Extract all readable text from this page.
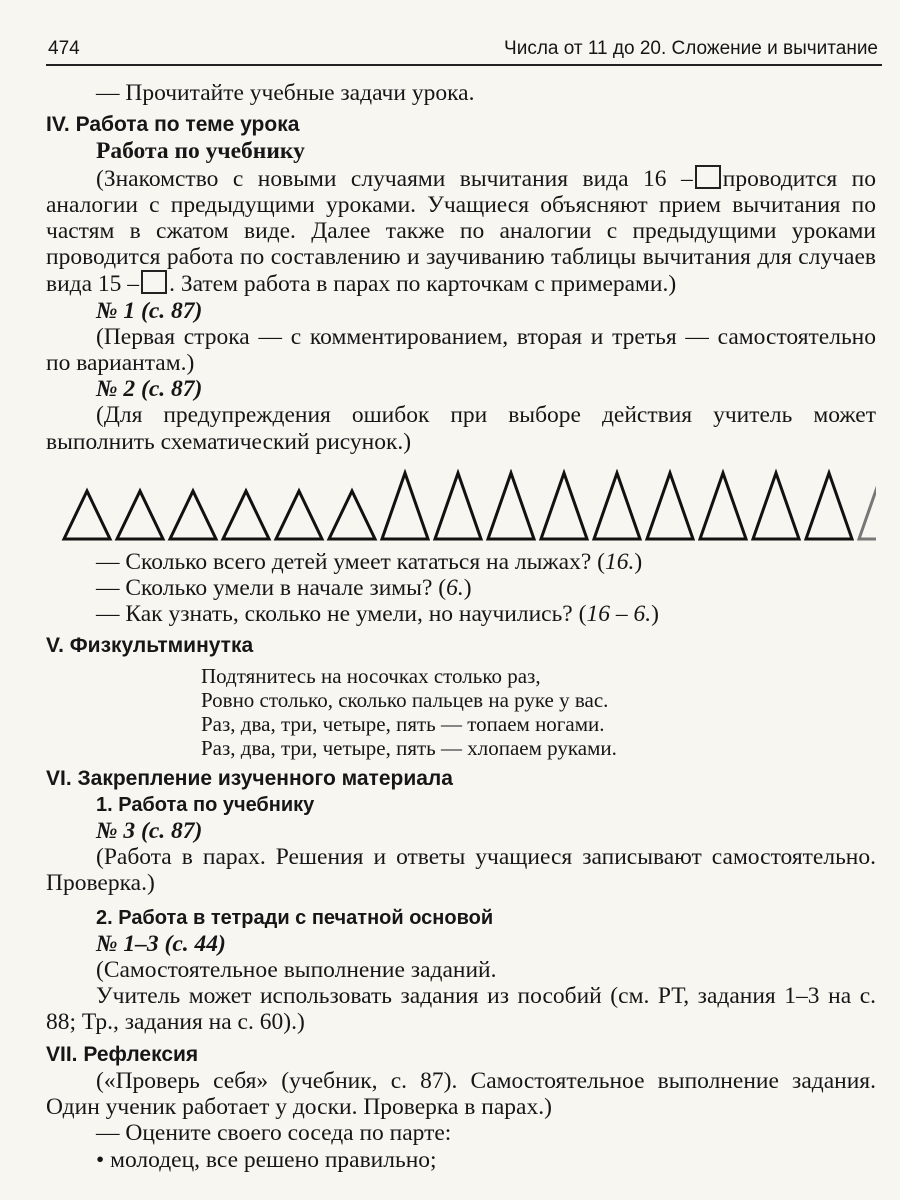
474	Числа от 11 до 20. Сложение и вычитание

— Прочитайте учебные задачи урока.

IV. Работа по теме урока

Работа по учебнику

(Знакомство с новыми случаями вычитания вида 16 – проводится по аналогии с предыдущими уроками. Учащиеся объясняют прием вычитания по частям в сжатом виде. Далее также по аналогии с предыдущими уроками проводится работа по составлению и заучиванию таблицы вычитания для случаев вида 15 – . Затем работа в парах по карточкам с примерами.)

№ 1 (с. 87)

(Первая строка — с комментированием, вторая и третья — самостоятельно по вариантам.)

№ 2 (с. 87)

(Для предупреждения ошибок при выборе действия учитель может выполнить схематический рисунок.)

— Сколько всего детей умеет кататься на лыжах? (16.)

— Сколько умели в начале зимы? (6.)

— Как узнать, сколько не умели, но научились? (16 – 6.)

V. Физкультминутка

Подтянитесь на носочках столько раз,

Ровно столько, сколько пальцев на руке у вас.

Раз, два, три, четыре, пять — топаем ногами.

Раз, два, три, четыре, пять — хлопаем руками.

VI. Закрепление изученного материала

1. Работа по учебнику

№ 3 (с. 87)

(Работа в парах. Решения и ответы учащиеся записывают самостоятельно. Проверка.)

2. Работа в тетради с печатной основой

№ 1–3 (с. 44)

(Самостоятельное выполнение заданий.

Учитель может использовать задания из пособий (см. РТ, задания 1–3 на с. 88; Тр., задания на с. 60).)

VII. Рефлексия

(«Проверь себя» (учебник, с. 87). Самостоятельное выполнение задания. Один ученик работает у доски. Проверка в парах.)

— Оцените своего соседа по парте:

• молодец, все решено правильно;
